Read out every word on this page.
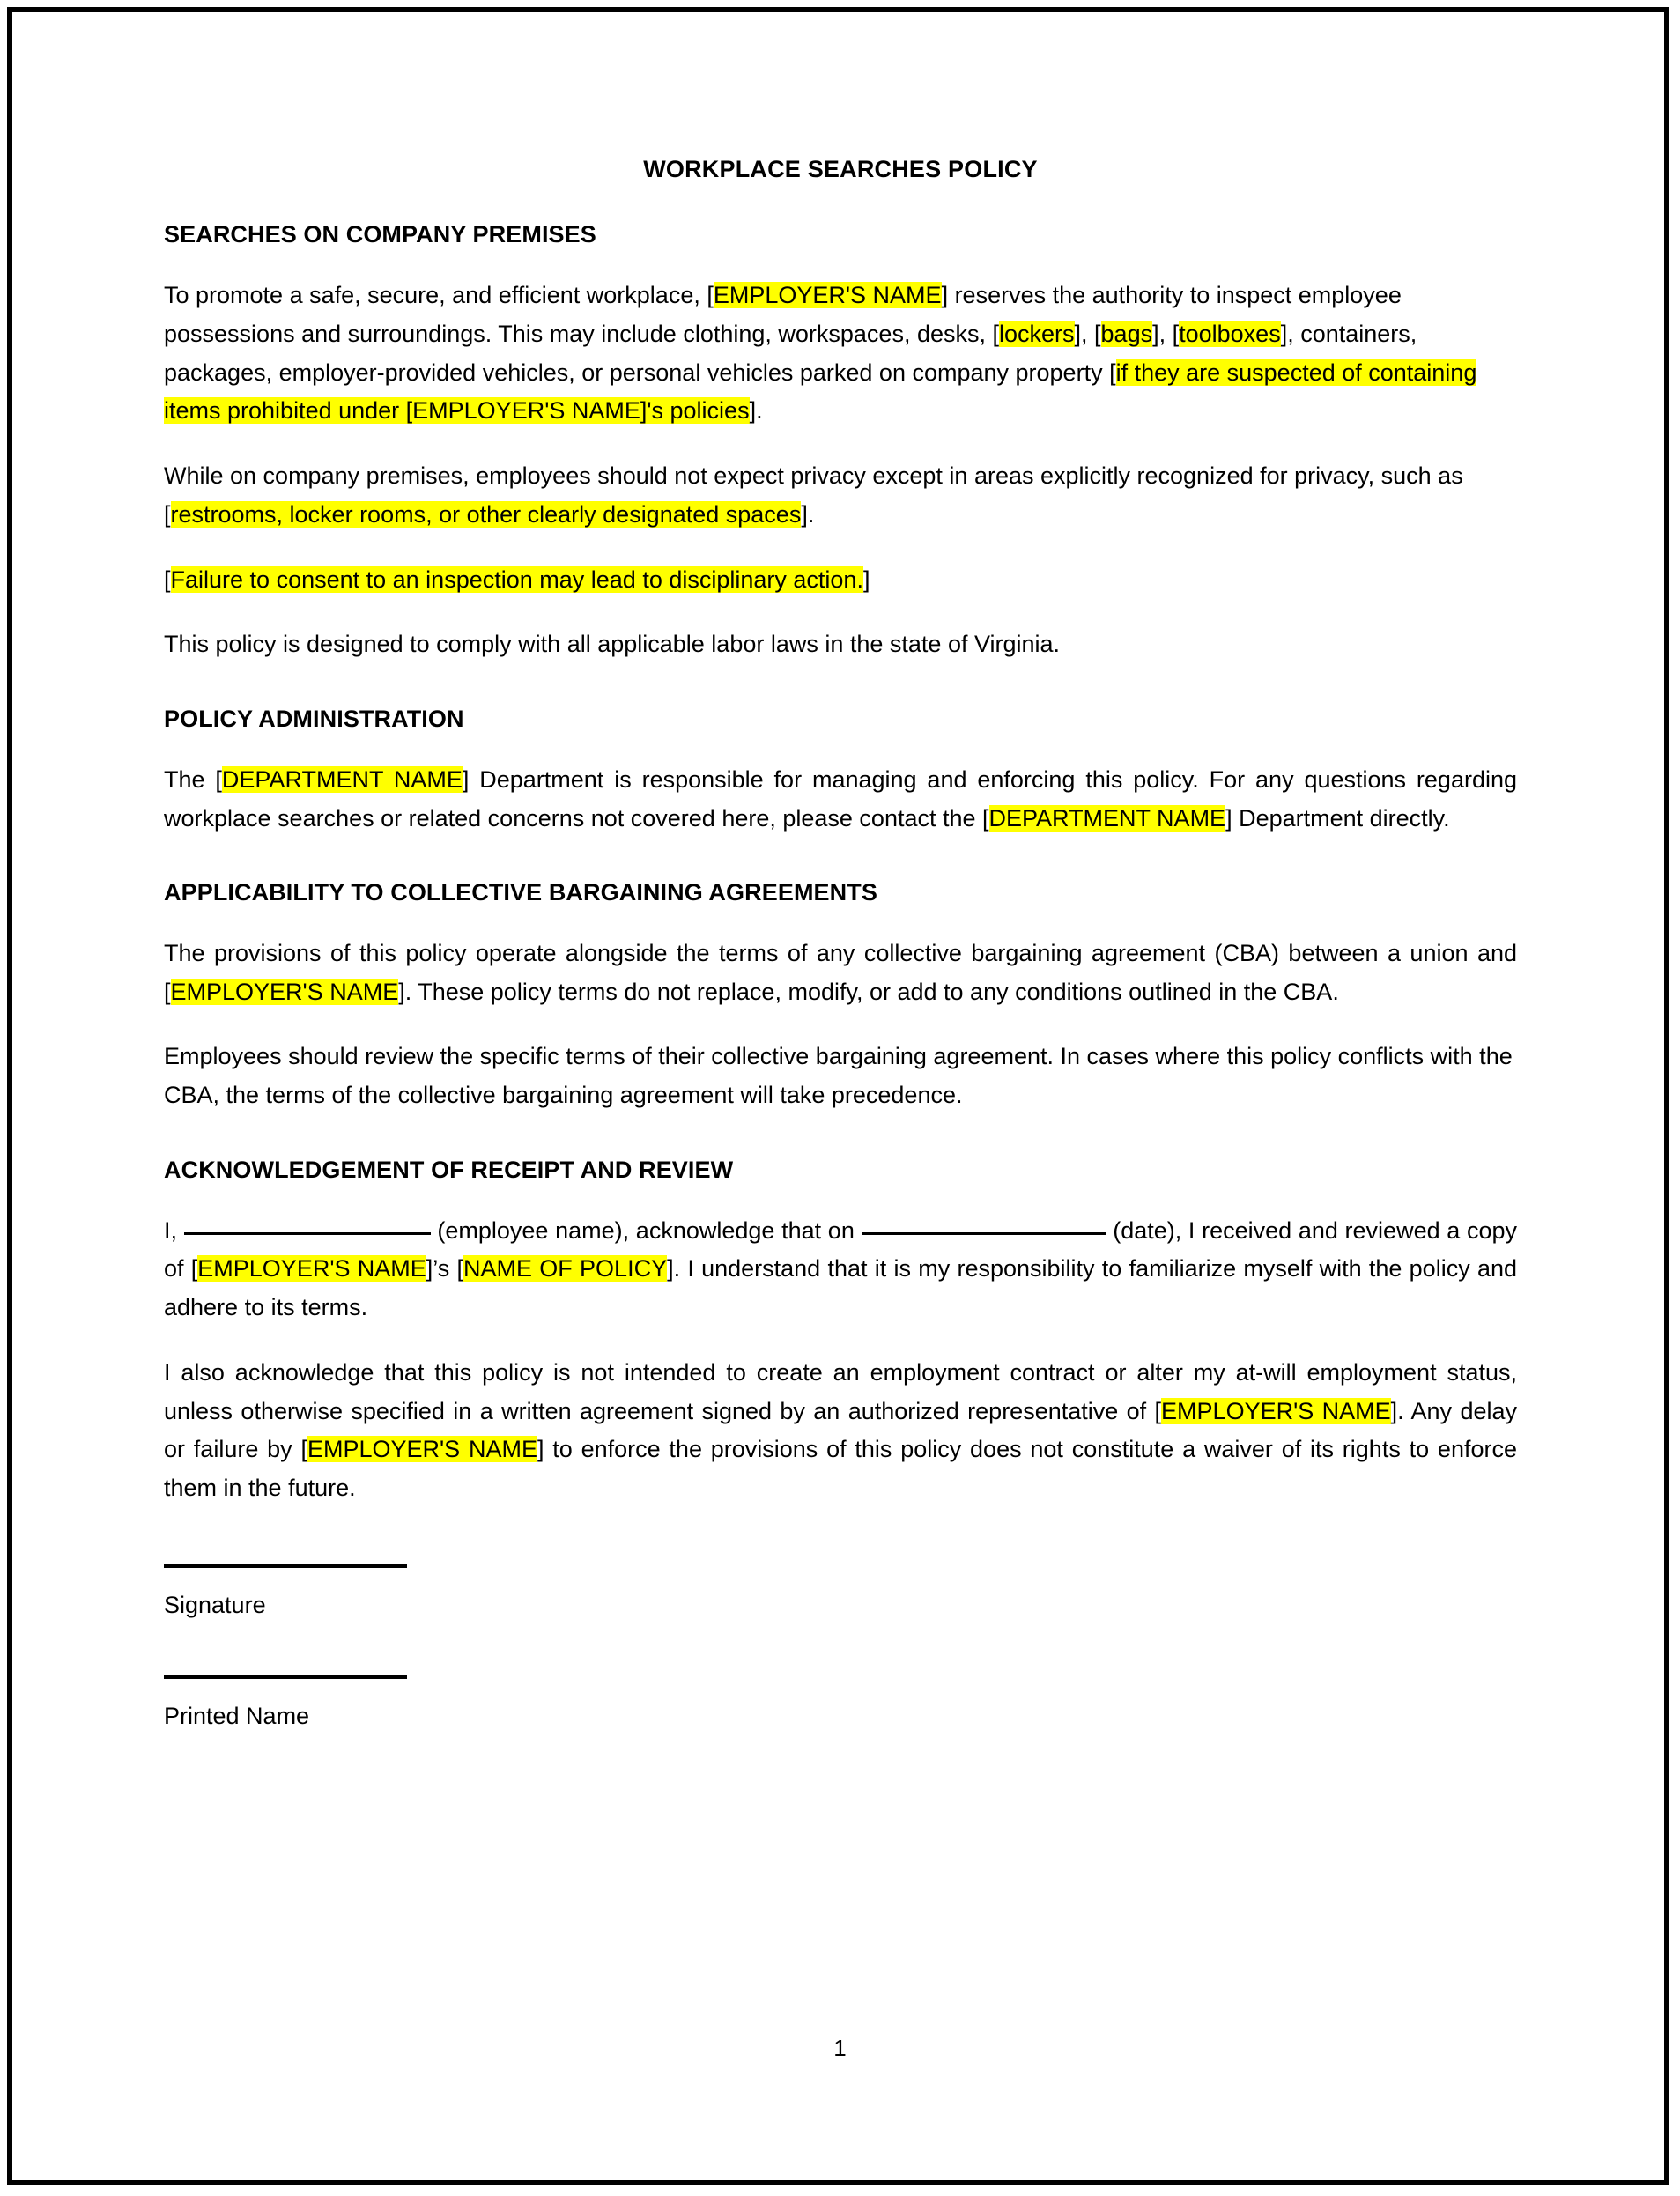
WORKPLACE SEARCHES POLICY
SEARCHES ON COMPANY PREMISES

To promote a safe, secure, and efficient workplace, [EMPLOYER'S NAME] reserves the authority to inspect employee possessions and surroundings. This may include clothing, workspaces, desks, [lockers], [bags], [toolboxes], containers, packages, employer-provided vehicles, or personal vehicles parked on company property [if they are suspected of containing items prohibited under [EMPLOYER'S NAME]'s policies].

While on company premises, employees should not expect privacy except in areas explicitly recognized for privacy, such as [restrooms, locker rooms, or other clearly designated spaces].

[Failure to consent to an inspection may lead to disciplinary action.]

This policy is designed to comply with all applicable labor laws in the state of Virginia.

POLICY ADMINISTRATION

The [DEPARTMENT NAME] Department is responsible for managing and enforcing this policy. For any questions regarding workplace searches or related concerns not covered here, please contact the [DEPARTMENT NAME] Department directly.

APPLICABILITY TO COLLECTIVE BARGAINING AGREEMENTS

The provisions of this policy operate alongside the terms of any collective bargaining agreement (CBA) between a union and [EMPLOYER'S NAME]. These policy terms do not replace, modify, or add to any conditions outlined in the CBA.

Employees should review the specific terms of their collective bargaining agreement. In cases where this policy conflicts with the CBA, the terms of the collective bargaining agreement will take precedence.

ACKNOWLEDGEMENT OF RECEIPT AND REVIEW

I,	(employee name), acknowledge that on	(date), I received and reviewed a copy of [EMPLOYER'S NAME]’s [NAME OF POLICY]. I understand that it is my responsibility to familiarize myself with the policy and adhere to its terms.

I also acknowledge that this policy is not intended to create an employment contract or alter my at-will employment status, unless otherwise specified in a written agreement signed by an authorized representative of [EMPLOYER'S NAME]. Any delay or failure by [EMPLOYER'S NAME] to enforce the provisions of this policy does not constitute a waiver of its rights to enforce them in the future.

Signature
Printed Name
1
